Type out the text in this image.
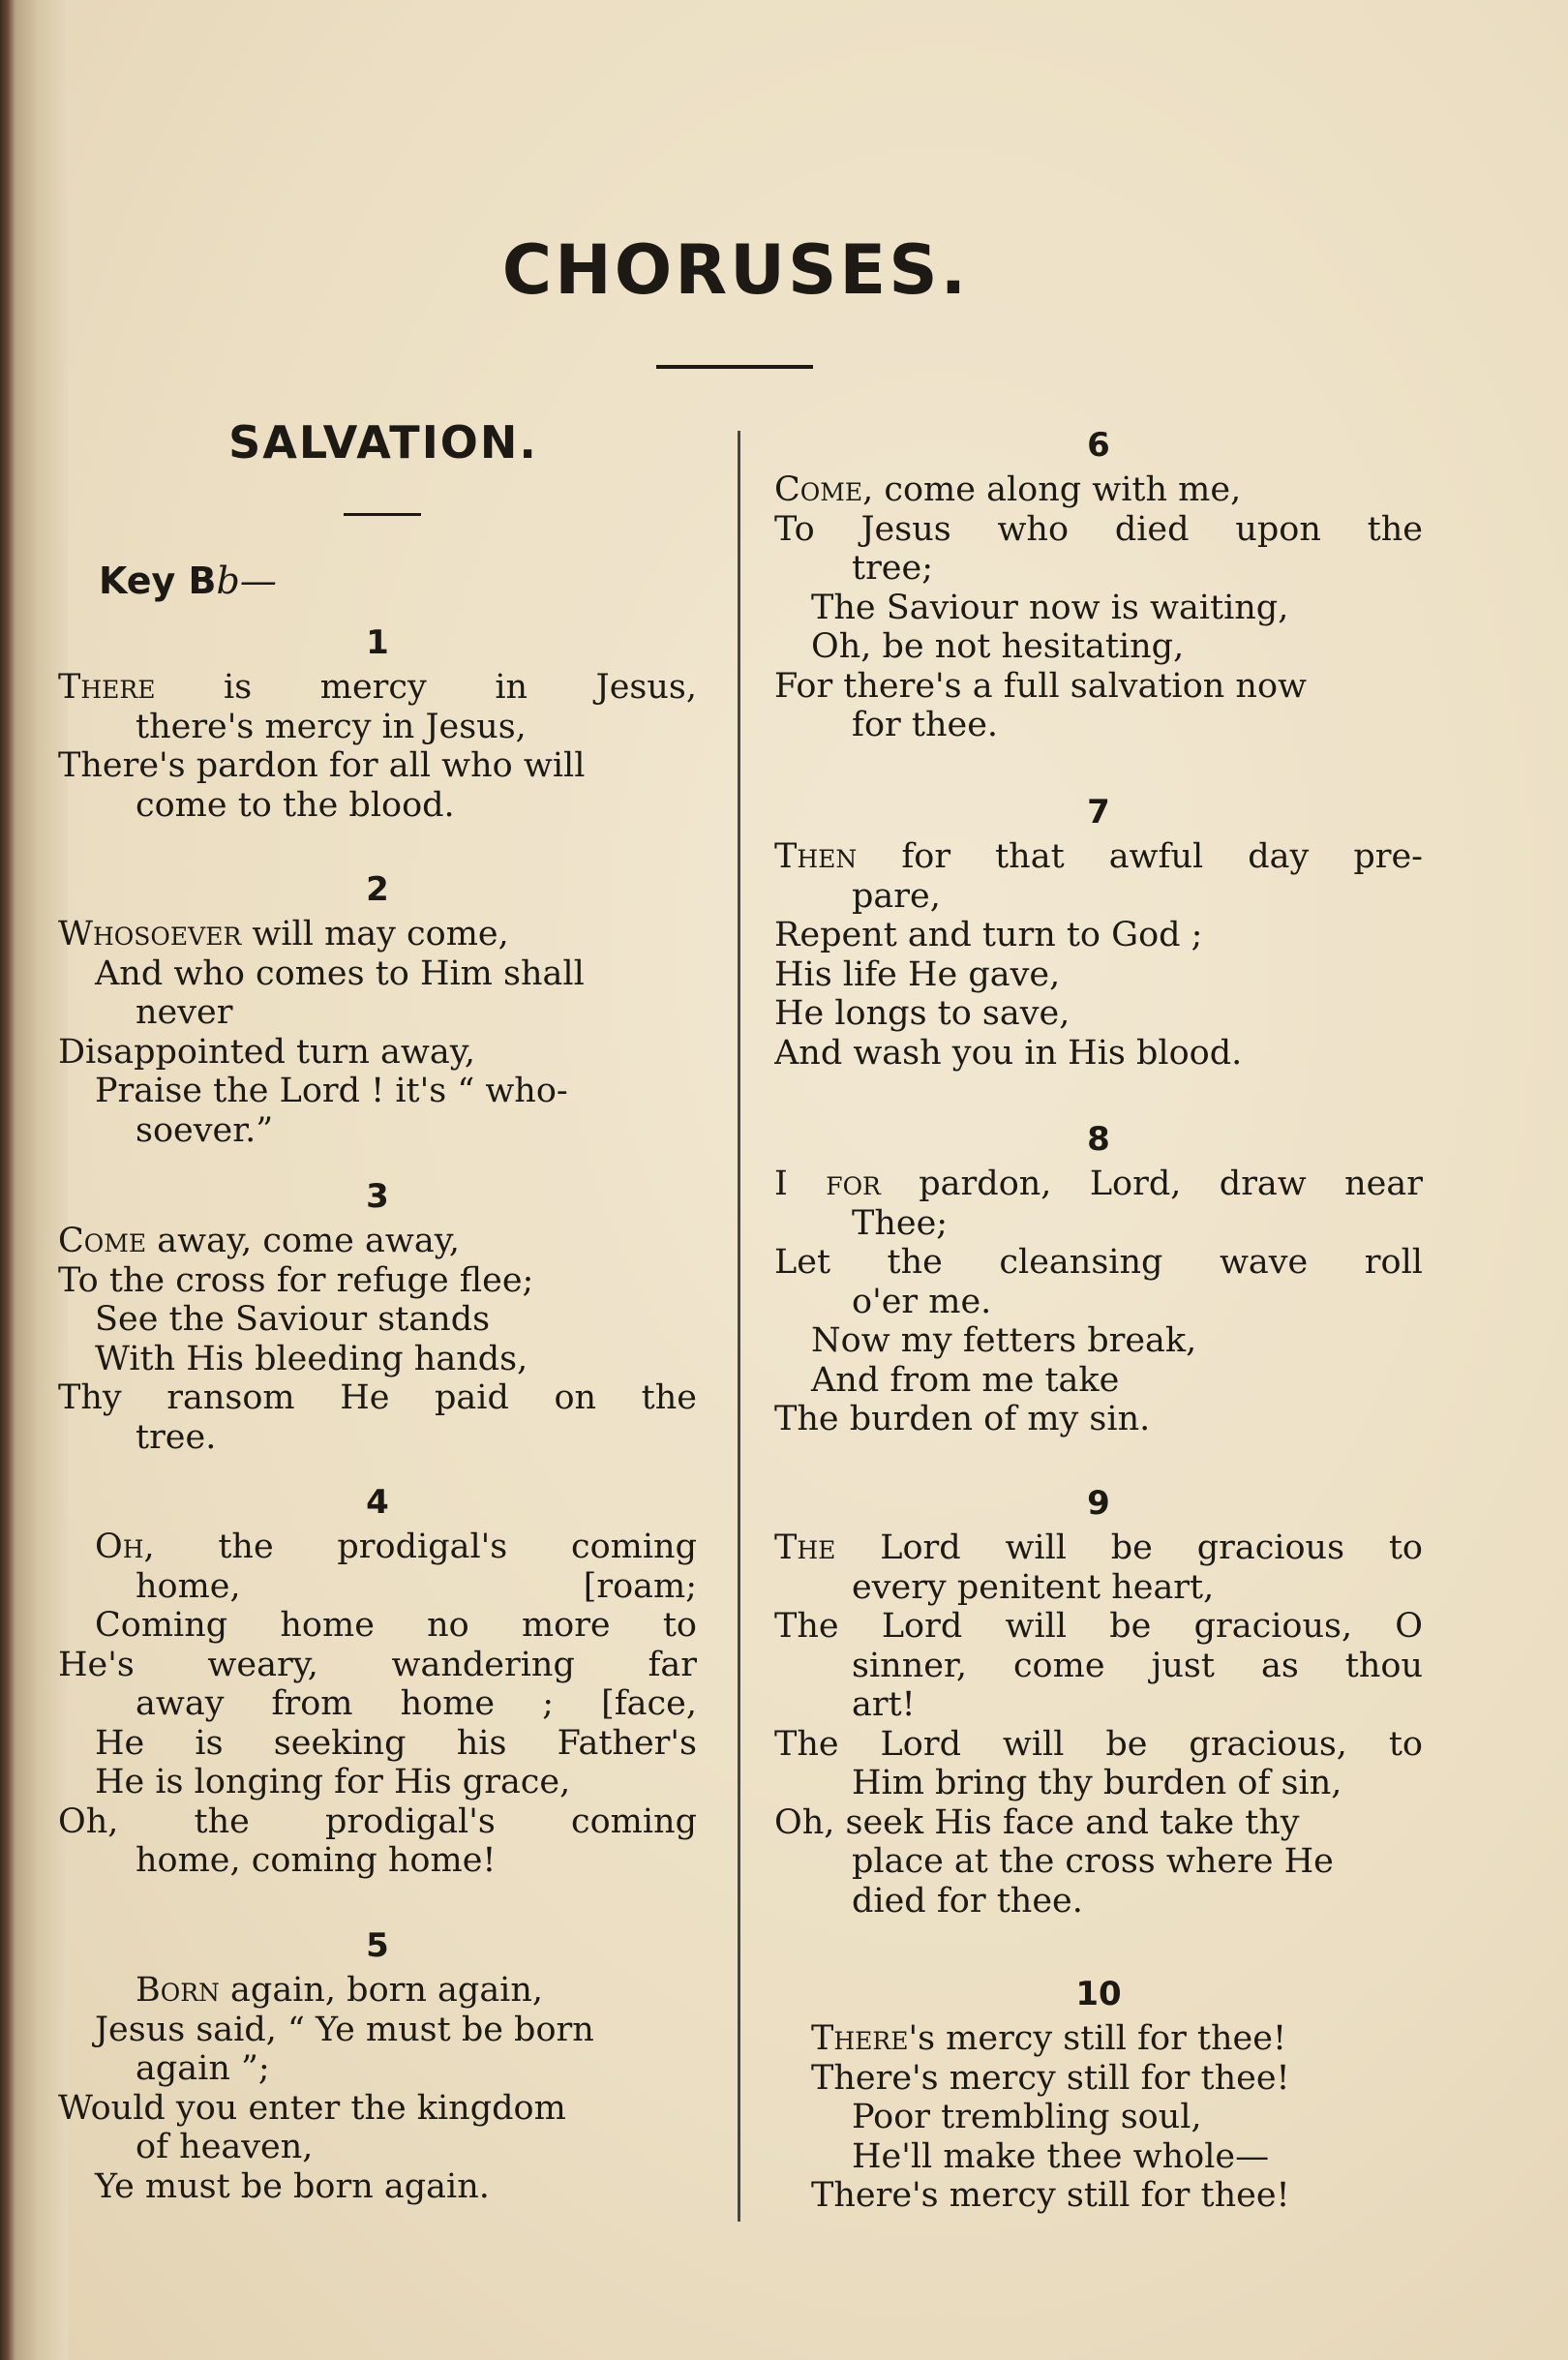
CHORUSES.
SALVATION.
Key Bb—
1
There is mercy in Jesus,
there's mercy in Jesus,
There's pardon for all who will
come to the blood.
2
Whosoever will may come,
And who comes to Him shall
never
Disappointed turn away,
Praise the Lord ! it's “ who-
soever.”
3
Come away, come away,
To the cross for refuge flee;
See the Saviour stands
With His bleeding hands,
Thy ransom He paid on the
tree.
4
Oh, the prodigal's coming
home, [roam;
Coming home no more to
He's weary, wandering far
away from home ; [face,
He is seeking his Father's
He is longing for His grace,
Oh, the prodigal's coming
home, coming home!
5
Born again, born again,
Jesus said, “ Ye must be born
again ”;
Would you enter the kingdom
of heaven,
Ye must be born again.
6
Come, come along with me,
To Jesus who died upon the
tree;
The Saviour now is waiting,
Oh, be not hesitating,
For there's a full salvation now
for thee.
7
Then for that awful day pre-
pare,
Repent and turn to God ;
His life He gave,
He longs to save,
And wash you in His blood.
8
I for pardon, Lord, draw near
Thee;
Let the cleansing wave roll
o'er me.
Now my fetters break,
And from me take
The burden of my sin.
9
The Lord will be gracious to
every penitent heart,
The Lord will be gracious, O
sinner, come just as thou
art!
The Lord will be gracious, to
Him bring thy burden of sin,
Oh, seek His face and take thy
place at the cross where He
died for thee.
10
There's mercy still for thee!
There's mercy still for thee!
Poor trembling soul,
He'll make thee whole—
There's mercy still for thee!
